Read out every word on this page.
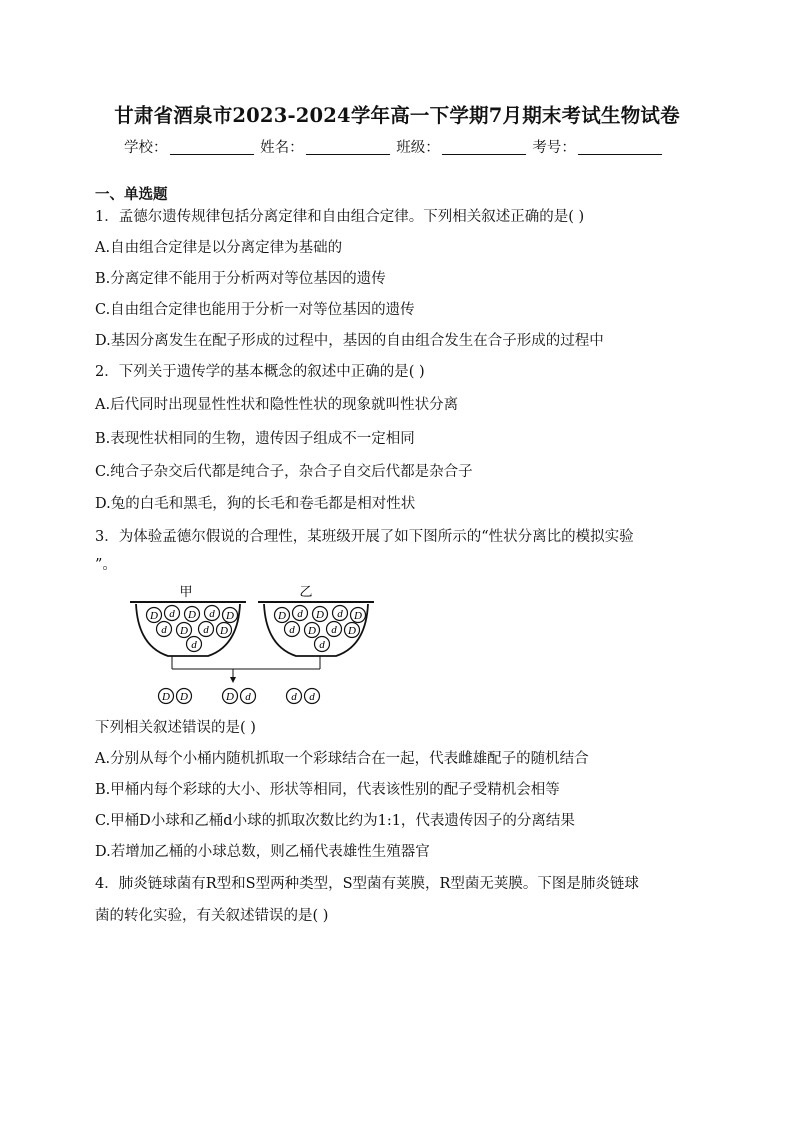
甘肃省酒泉市2023-2024学年高一下学期7月期末考试生物试卷
学校：	姓名：	班级：	考号：
一、单选题
1．孟德尔遗传规律包括分离定律和自由组合定律。下列相关叙述正确的是( )
A.自由组合定律是以分离定律为基础的
B.分离定律不能用于分析两对等位基因的遗传
C.自由组合定律也能用于分析一对等位基因的遗传
D.基因分离发生在配子形成的过程中，基因的自由组合发生在合子形成的过程中
2．下列关于遗传学的基本概念的叙述中正确的是( )
A.后代同时出现显性性状和隐性性状的现象就叫性状分离
B.表现性状相同的生物，遗传因子组成不一定相同
C.纯合子杂交后代都是纯合子，杂合子自交后代都是杂合子
D.兔的白毛和黑毛，狗的长毛和卷毛都是相对性状
3．为体验孟德尔假说的合理性，某班级开展了如下图所示的“性状分离比的模拟实验
”。
甲	乙
D d D d D
d D d D
d
D d D d D
d D d D
d
D D	D d	d d
下列相关叙述错误的是( )
A.分别从每个小桶内随机抓取一个彩球结合在一起，代表雌雄配子的随机结合
B.甲桶内每个彩球的大小、形状等相同，代表该性别的配子受精机会相等
C.甲桶D小球和乙桶d小球的抓取次数比约为1:1，代表遗传因子的分离结果
D.若增加乙桶的小球总数，则乙桶代表雄性生殖器官
4．肺炎链球菌有R型和S型两种类型，S型菌有荚膜，R型菌无荚膜。下图是肺炎链球
菌的转化实验，有关叙述错误的是( )
